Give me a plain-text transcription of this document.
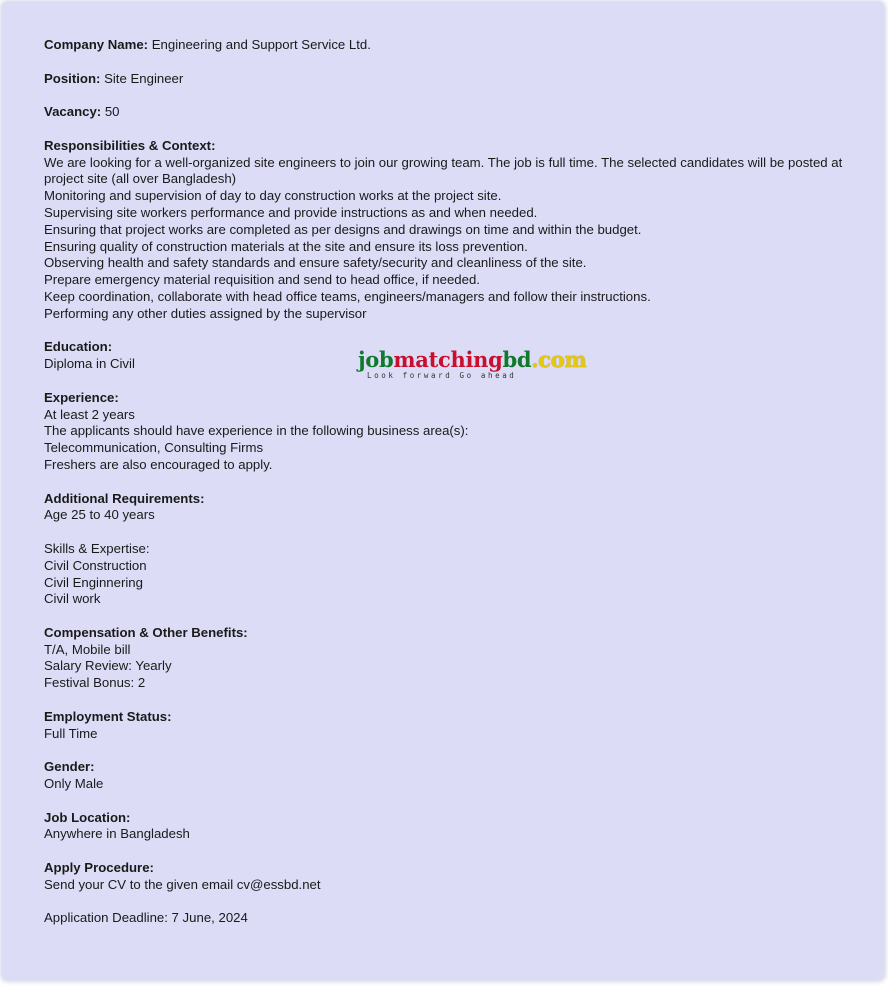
Company Name: Engineering and Support Service Ltd.

Position: Site Engineer

Vacancy: 50

Responsibilities & Context:

We are looking for a well-organized site engineers to join our growing team. The job is full time. The selected candidates will be posted at project site (all over Bangladesh)

Monitoring and supervision of day to day construction works at the project site.

Supervising site workers performance and provide instructions as and when needed.

Ensuring that project works are completed as per designs and drawings on time and within the budget.

Ensuring quality of construction materials at the site and ensure its loss prevention.

Observing health and safety standards and ensure safety/security and cleanliness of the site.

Prepare emergency material requisition and send to head office, if needed.

Keep coordination, collaborate with head office teams, engineers/managers and follow their instructions.

Performing any other duties assigned by the supervisor

Education:

Diploma in Civil

Experience:

At least 2 years

The applicants should have experience in the following business area(s):

Telecommunication, Consulting Firms

Freshers are also encouraged to apply.

Additional Requirements:

Age 25 to 40 years

Skills & Expertise:

Civil Construction

Civil Enginnering

Civil work

Compensation & Other Benefits:

T/A, Mobile bill

Salary Review: Yearly

Festival Bonus: 2

Employment Status:

Full Time

Gender:

Only Male

Job Location:

Anywhere in Bangladesh

Apply Procedure:

Send your CV to the given email cv@essbd.net

Application Deadline: 7 June, 2024

jobmatchingbd.com
Look forward Go ahead
